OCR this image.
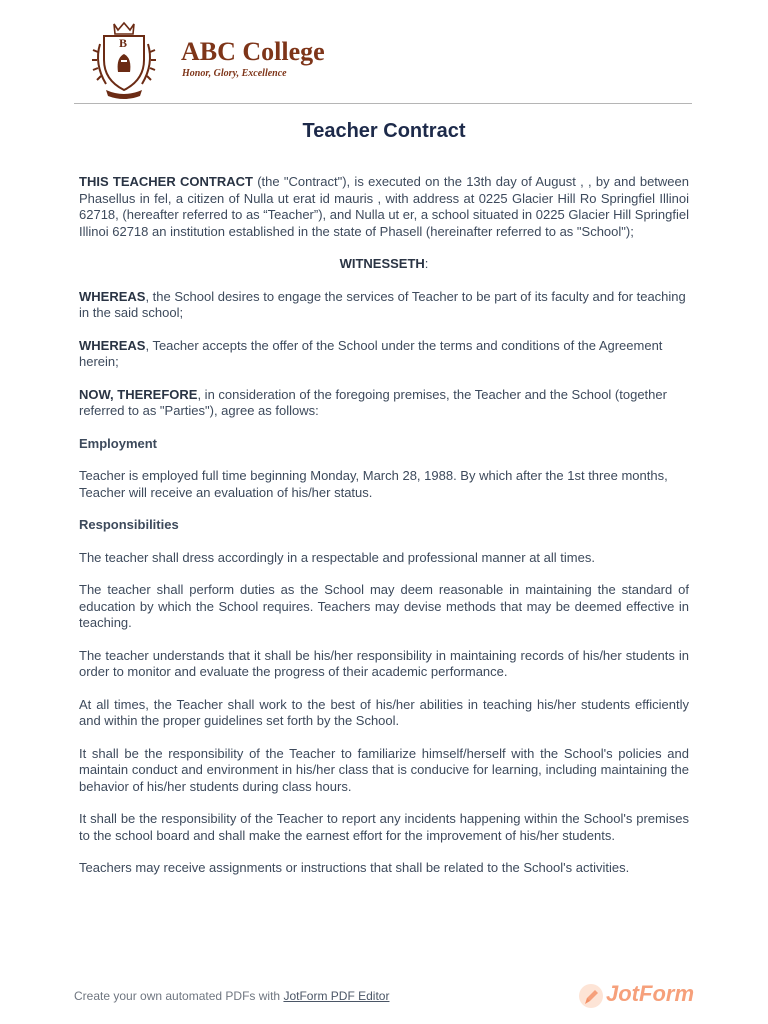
B ABC College
Honor, Glory, Excellence
Teacher Contract

THIS TEACHER CONTRACT (the "Contract"), is executed on the 13th day of August , , by and between Phasellus in fel, a citizen of Nulla ut erat id mauris , with address at 0225 Glacier Hill Ro Springfiel Illinoi 62718, (hereafter referred to as “Teacher”), and Nulla ut er, a school situated in 0225 Glacier Hill Springfiel Illinoi 62718 an institution established in the state of Phasell (hereinafter referred to as "School");

WITNESSETH:

WHEREAS, the School desires to engage the services of Teacher to be part of its faculty and for teaching in the said school;

WHEREAS, Teacher accepts the offer of the School under the terms and conditions of the Agreement herein;

NOW, THEREFORE, in consideration of the foregoing premises, the Teacher and the School (together referred to as "Parties"), agree as follows:

Employment

Teacher is employed full time beginning Monday, March 28, 1988. By which after the 1st three months, Teacher will receive an evaluation of his/her status.

Responsibilities

The teacher shall dress accordingly in a respectable and professional manner at all times.

The teacher shall perform duties as the School may deem reasonable in maintaining the standard of education by which the School requires. Teachers may devise methods that may be deemed effective in teaching.

The teacher understands that it shall be his/her responsibility in maintaining records of his/her students in order to monitor and evaluate the progress of their academic performance.

At all times, the Teacher shall work to the best of his/her abilities in teaching his/her students efficiently and within the proper guidelines set forth by the School.

It shall be the responsibility of the Teacher to familiarize himself/herself with the School's policies and maintain conduct and environment in his/her class that is conducive for learning, including maintaining the behavior of his/her students during class hours.

It shall be the responsibility of the Teacher to report any incidents happening within the School's premises to the school board and shall make the earnest effort for the improvement of his/her students.

Teachers may receive assignments or instructions that shall be related to the School's activities.

Create your own automated PDFs with JotForm PDF Editor	JotForm
